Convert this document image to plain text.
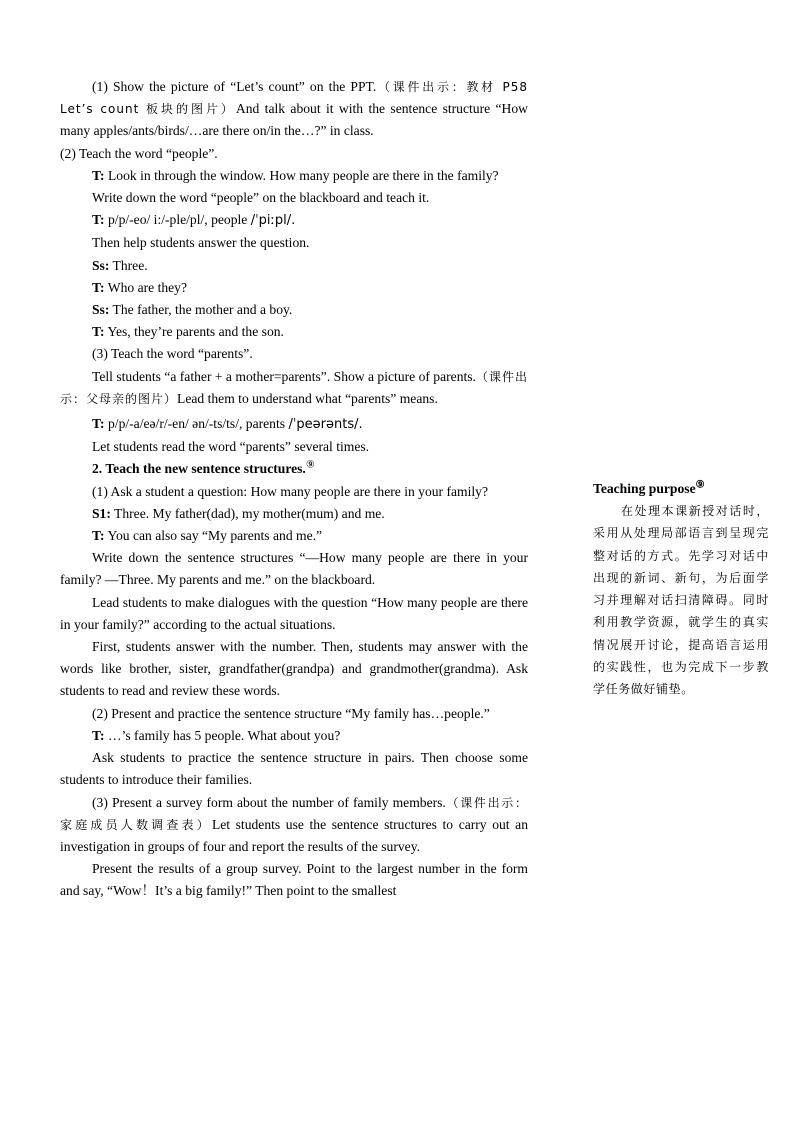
(1) Show the picture of “Let’s count” on the PPT.（课件出示：教材 P58 Let’s count 板块的图片）And talk about it with the sentence structure “How many apples/ants/birds/…are there on/in the…?” in class.

(2) Teach the word “people”.

T: Look in through the window. How many people are there in the family?

Write down the word “people” on the blackboard and teach it.

T: p/p/-eo/ i:/-ple/pl/, people /ˈpiːpl/.

Then help students answer the question.

Ss: Three.

T: Who are they?

Ss: The father, the mother and a boy.

T: Yes, they’re parents and the son.

(3) Teach the word “parents”.

Tell students “a father + a mother=parents”. Show a picture of parents.（课件出示：父母亲的图片）Lead them to understand what “parents” means.

T: p/p/-a/eə/r/-en/ ən/-ts/ts/, parents /ˈpeərənts/.

Let students read the word “parents” several times.

2. Teach the new sentence structures.⑨

(1) Ask a student a question: How many people are there in your family?

S1: Three. My father(dad), my mother(mum) and me.

T: You can also say “My parents and me.”

Write down the sentence structures “—How many people are there in your family? —Three. My parents and me.” on the blackboard.

Lead students to make dialogues with the question “How many people are there in your family?” according to the actual situations.

First, students answer with the number. Then, students may answer with the words like brother, sister, grandfather(grandpa) and grandmother(grandma). Ask students to read and review these words.

(2) Present and practice the sentence structure “My family has…people.”

T: …’s family has 5 people. What about you?

Ask students to practice the sentence structure in pairs. Then choose some students to introduce their families.

(3) Present a survey form about the number of family members.（课件出示：家庭成员人数调查表）Let students use the sentence structures to carry out an investigation in groups of four and report the results of the survey.

Present the results of a group survey. Point to the largest number in the form and say, “Wow！It’s a big family!” Then point to the smallest

Teaching purpose⑨

在处理本课新授对话时，采用从处理局部语言到呈现完整对话的方式。先学习对话中出现的新词、新句，为后面学习并理解对话扫清障碍。同时利用教学资源，就学生的真实情况展开讨论，提高语言运用的实践性，也为完成下一步教学任务做好铺垫。
